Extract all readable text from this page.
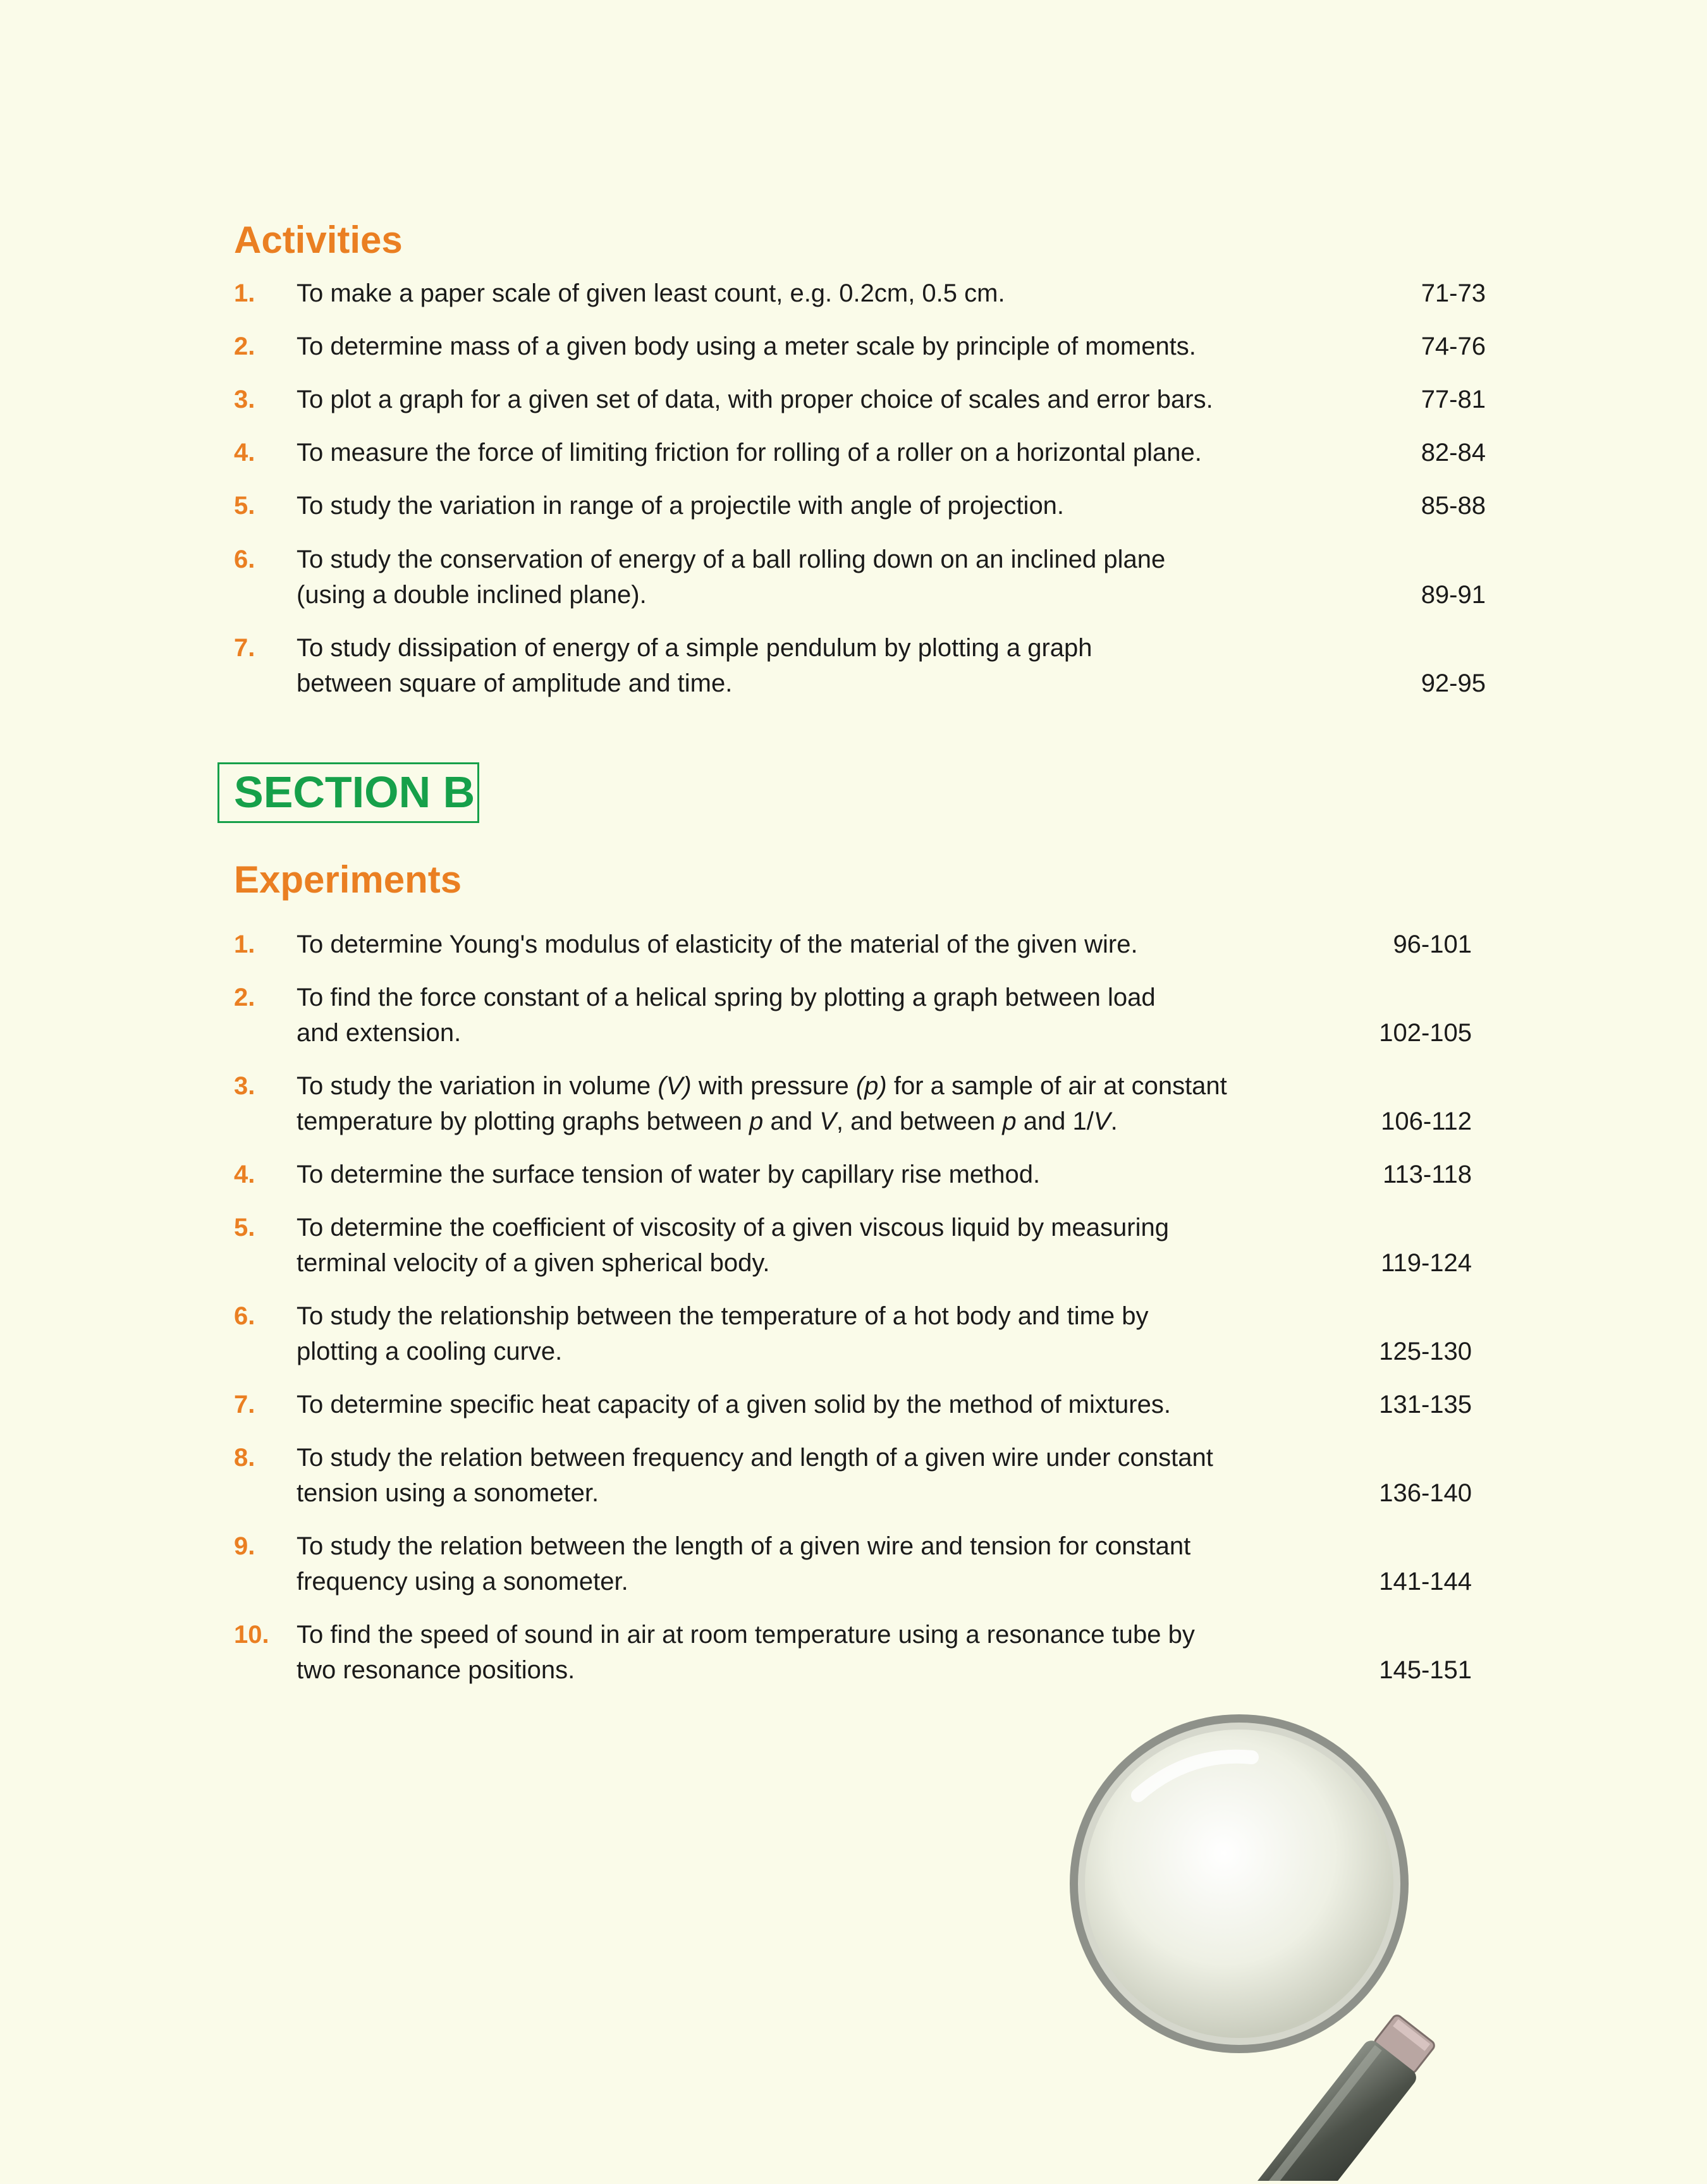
Activities
1. To make a paper scale of given least count, e.g. 0.2cm, 0.5 cm.	71-73
2. To determine mass of a given body using a meter scale by principle of moments.	74-76
3. To plot a graph for a given set of data, with proper choice of scales and error bars.	77-81
4. To measure the force of limiting friction for rolling of a roller on a horizontal plane.	82-84
5. To study the variation in range of a projectile with angle of projection.	85-88
6. To study the conservation of energy of a ball rolling down on an inclined plane
(using a double inclined plane).	89-91
7. To study dissipation of energy of a simple pendulum by plotting a graph
between square of amplitude and time.	92-95
SECTION B
Experiments
1. To determine Young's modulus of elasticity of the material of the given wire.	96-101
2. To find the force constant of a helical spring by plotting a graph between load
and extension.	102-105
3. To study the variation in volume (V) with pressure (p) for a sample of air at constant
temperature by plotting graphs between p and V, and between p and 1/V.	106-112
4. To determine the surface tension of water by capillary rise method.	113-118
5. To determine the coefficient of viscosity of a given viscous liquid by measuring
terminal velocity of a given spherical body.	119-124
6. To study the relationship between the temperature of a hot body and time by
plotting a cooling curve.	125-130
7. To determine specific heat capacity of a given solid by the method of mixtures.	131-135
8. To study the relation between frequency and length of a given wire under constant
tension using a sonometer.	136-140
9. To study the relation between the length of a given wire and tension for constant
frequency using a sonometer.	141-144
10. To find the speed of sound in air at room temperature using a resonance tube by
two resonance positions.	145-151
